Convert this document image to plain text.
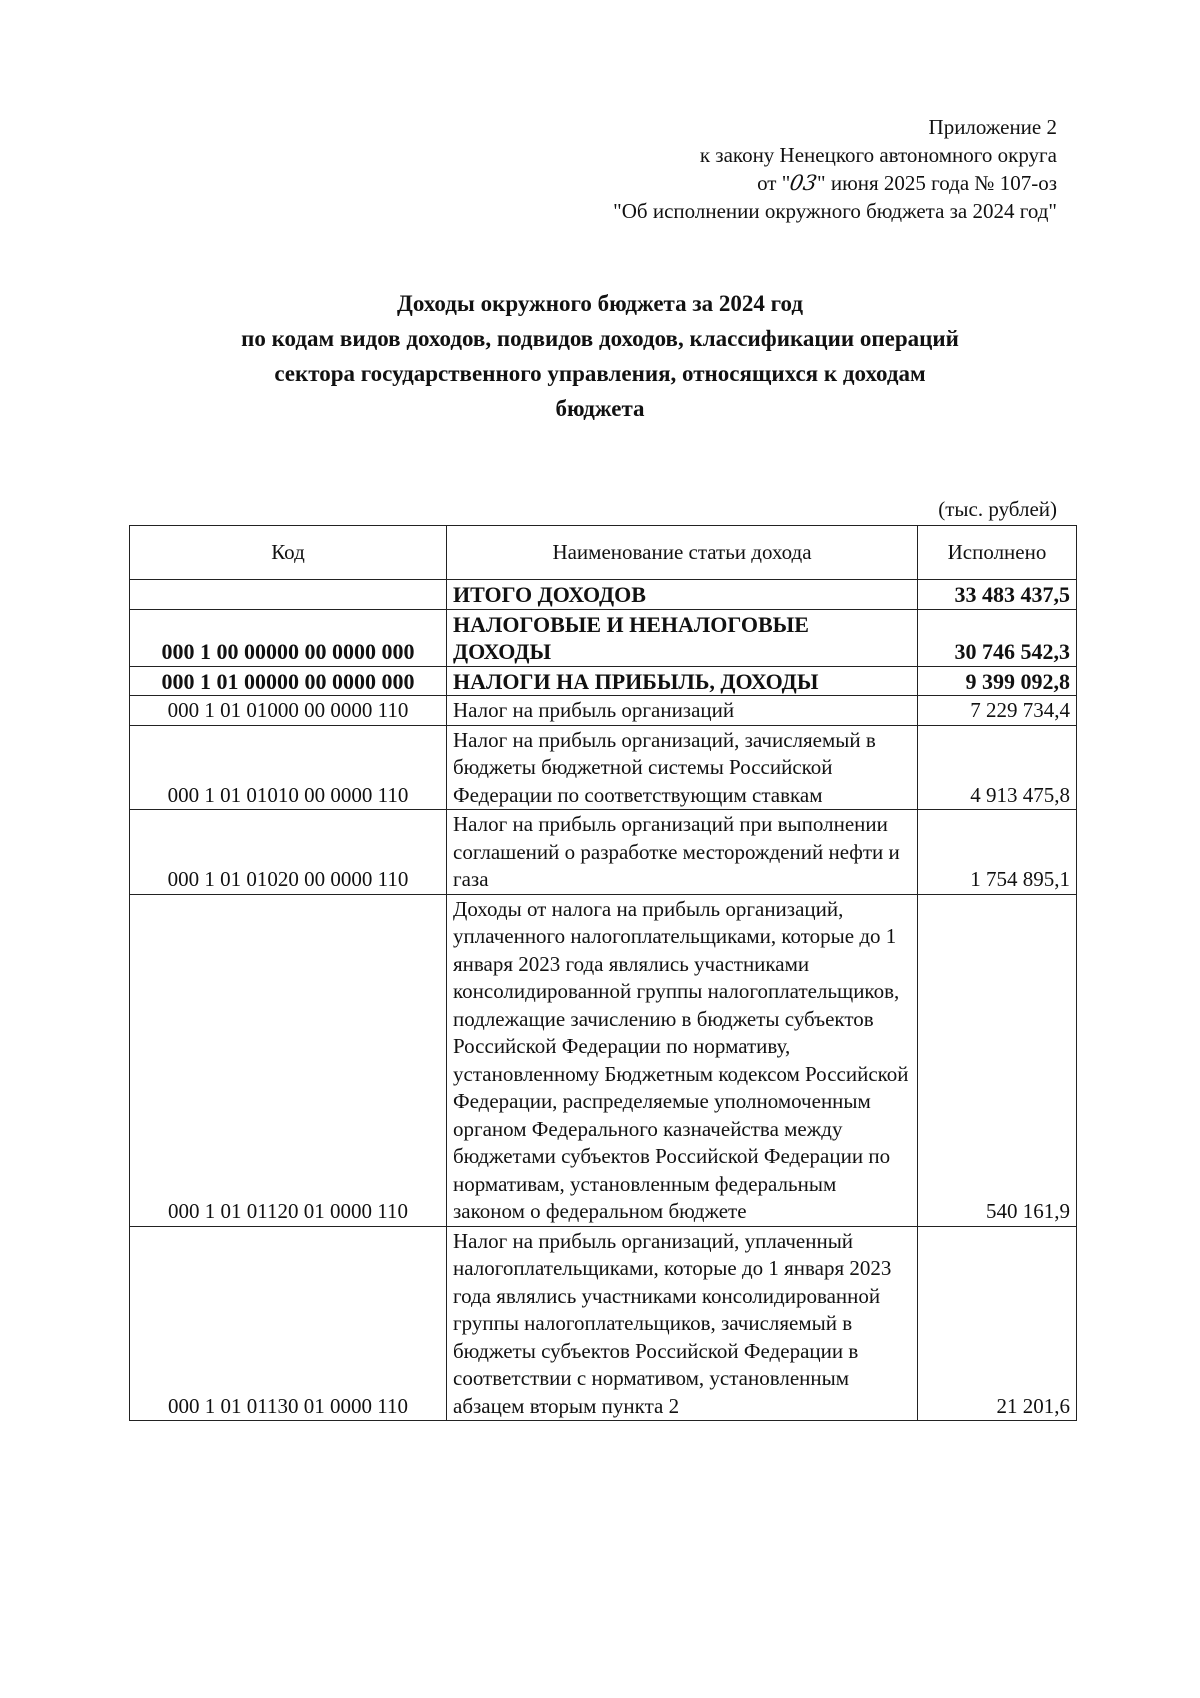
Приложение 2
к закону Ненецкого автономного округа
от "03" июня 2025 года № 107-оз
"Об исполнении окружного бюджета за 2024 год"
Доходы окружного бюджета за 2024 год
по кодам видов доходов, подвидов доходов, классификации операций
сектора государственного управления, относящихся к доходам
бюджета
(тыс. рублей)
Код	Наименование статьи дохода	Исполнено
	ИТОГО ДОХОДОВ	33 483 437,5
000 1 00 00000 00 0000 000	НАЛОГОВЫЕ И НЕНАЛОГОВЫЕ ДОХОДЫ	30 746 542,3
000 1 01 00000 00 0000 000	НАЛОГИ НА ПРИБЫЛЬ, ДОХОДЫ	9 399 092,8
000 1 01 01000 00 0000 110	Налог на прибыль организаций	7 229 734,4
000 1 01 01010 00 0000 110	Налог на прибыль организаций, зачисляемый в бюджеты бюджетной системы Российской Федерации по соответствующим ставкам	4 913 475,8
000 1 01 01020 00 0000 110	Налог на прибыль организаций при выполнении соглашений о разработке месторождений нефти и газа	1 754 895,1
000 1 01 01120 01 0000 110	Доходы от налога на прибыль организаций, уплаченного налогоплательщиками, которые до 1 января 2023 года являлись участниками консолидированной группы налогоплательщиков, подлежащие зачислению в бюджеты субъектов Российской Федерации по нормативу, установленному Бюджетным кодексом Российской Федерации, распределяемые уполномоченным органом Федерального казначейства между бюджетами субъектов Российской Федерации по нормативам, установленным федеральным законом о федеральном бюджете	540 161,9
000 1 01 01130 01 0000 110	Налог на прибыль организаций, уплаченный налогоплательщиками, которые до 1 января 2023 года являлись участниками консолидированной группы налогоплательщиков, зачисляемый в бюджеты субъектов Российской Федерации в соответствии с нормативом, установленным абзацем вторым пункта 2	21 201,6
